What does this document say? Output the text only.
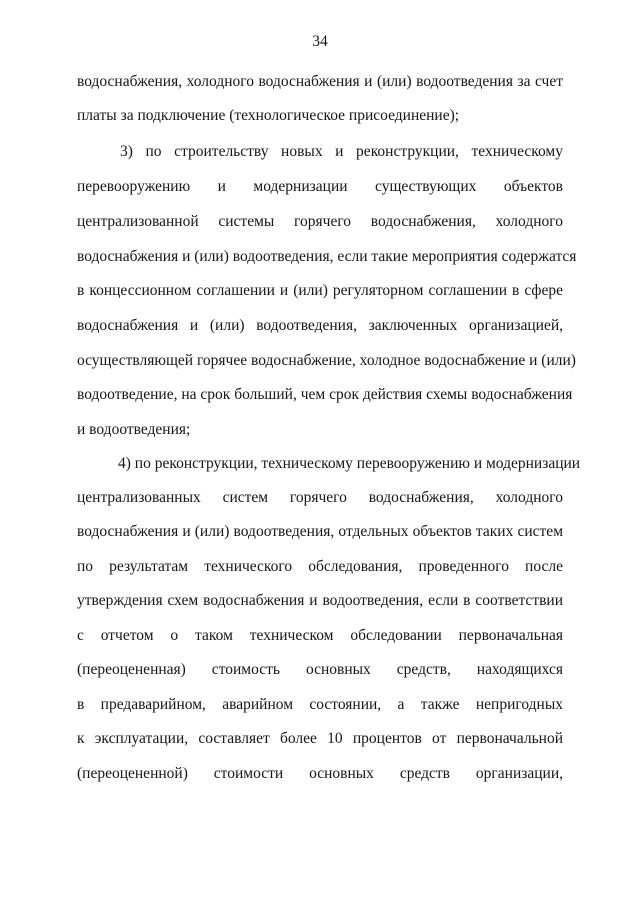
34
водоснабжения, холодного водоснабжения и (или) водоотведения за счет
платы за подключение (технологическое присоединение);
3) по строительству новых и реконструкции, техническому
перевооружению и модернизации существующих объектов
централизованной системы горячего водоснабжения, холодного
водоснабжения и (или) водоотведения, если такие мероприятия содержатся
в концессионном соглашении и (или) регуляторном соглашении в сфере
водоснабжения и (или) водоотведения, заключенных организацией,
осуществляющей горячее водоснабжение, холодное водоснабжение и (или)
водоотведение, на срок больший, чем срок действия схемы водоснабжения
и водоотведения;
4) по реконструкции, техническому перевооружению и модернизации
централизованных систем горячего водоснабжения, холодного
водоснабжения и (или) водоотведения, отдельных объектов таких систем
по результатам технического обследования, проведенного после
утверждения схем водоснабжения и водоотведения, если в соответствии
с отчетом о таком техническом обследовании первоначальная
(переоцененная) стоимость основных средств, находящихся
в предаварийном, аварийном состоянии, а также непригодных
к эксплуатации, составляет более 10 процентов от первоначальной
(переоцененной) стоимости основных средств организации,
